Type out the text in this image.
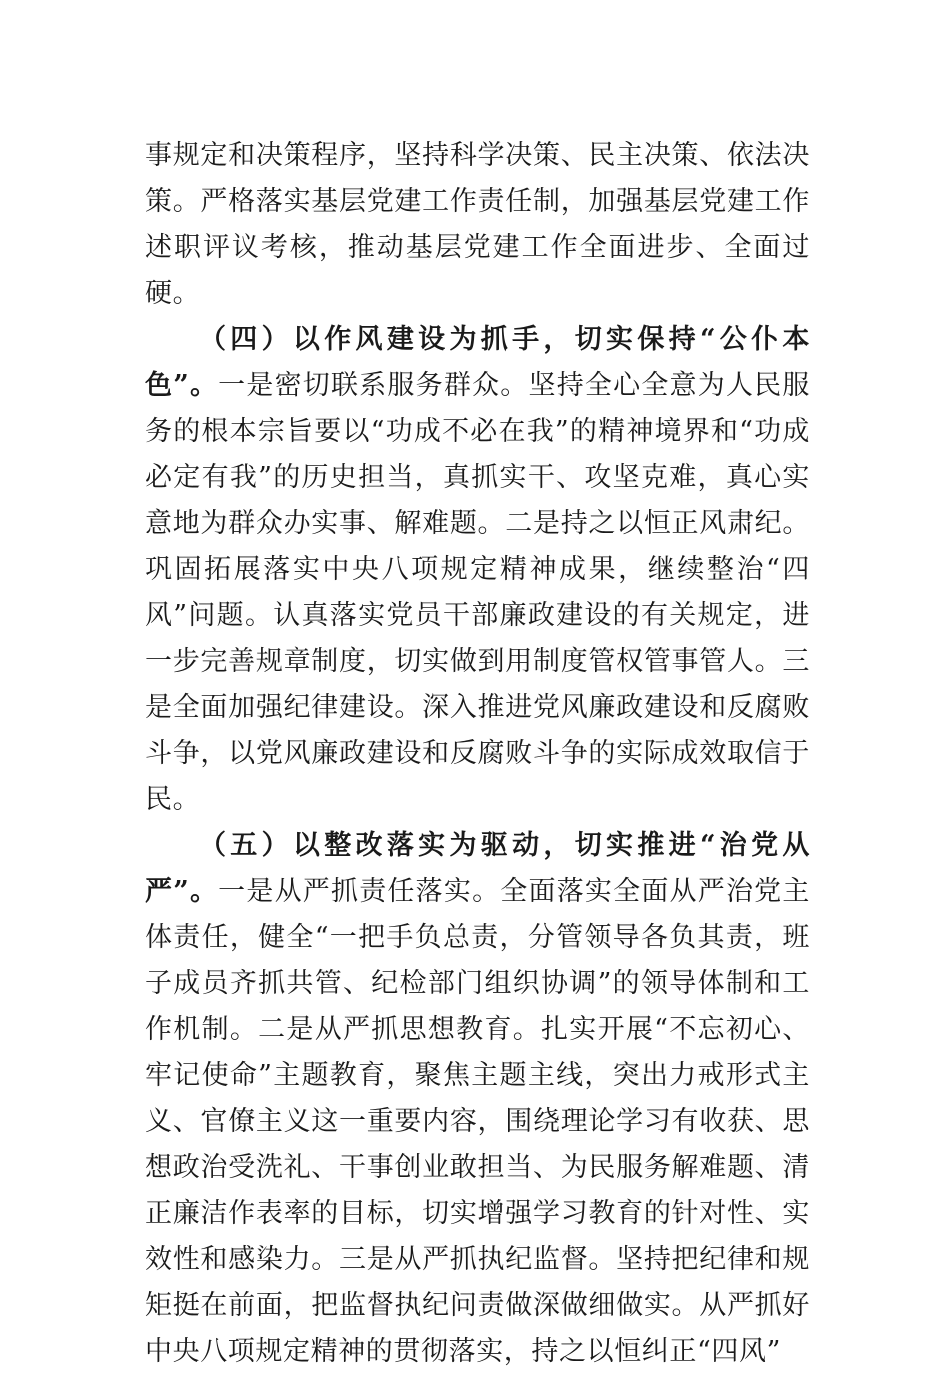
事规定和决策程序，坚持科学决策、民主决策、依法决策。严格落实基层党建工作责任制，加强基层党建工作述职评议考核，推动基层党建工作全面进步、全面过硬。

（四）以作风建设为抓手，切实保持“公仆本色”。一是密切联系服务群众。坚持全心全意为人民服务的根本宗旨要以“功成不必在我”的精神境界和“功成必定有我”的历史担当，真抓实干、攻坚克难，真心实意地为群众办实事、解难题。二是持之以恒正风肃纪。巩固拓展落实中央八项规定精神成果，继续整治“四风”问题。认真落实党员干部廉政建设的有关规定，进一步完善规章制度，切实做到用制度管权管事管人。三是全面加强纪律建设。深入推进党风廉政建设和反腐败斗争，以党风廉政建设和反腐败斗争的实际成效取信于民。

（五）以整改落实为驱动，切实推进“治党从严”。一是从严抓责任落实。全面落实全面从严治党主体责任，健全“一把手负总责，分管领导各负其责，班子成员齐抓共管、纪检部门组织协调”的领导体制和工作机制。二是从严抓思想教育。扎实开展“不忘初心、牢记使命”主题教育，聚焦主题主线，突出力戒形式主义、官僚主义这一重要内容，围绕理论学习有收获、思想政治受洗礼、干事创业敢担当、为民服务解难题、清正廉洁作表率的目标，切实增强学习教育的针对性、实效性和感染力。三是从严抓执纪监督。坚持把纪律和规矩挺在前面，把监督执纪问责做深做细做实。从严抓好中央八项规定精神的贯彻落实，持之以恒纠正“四风”
